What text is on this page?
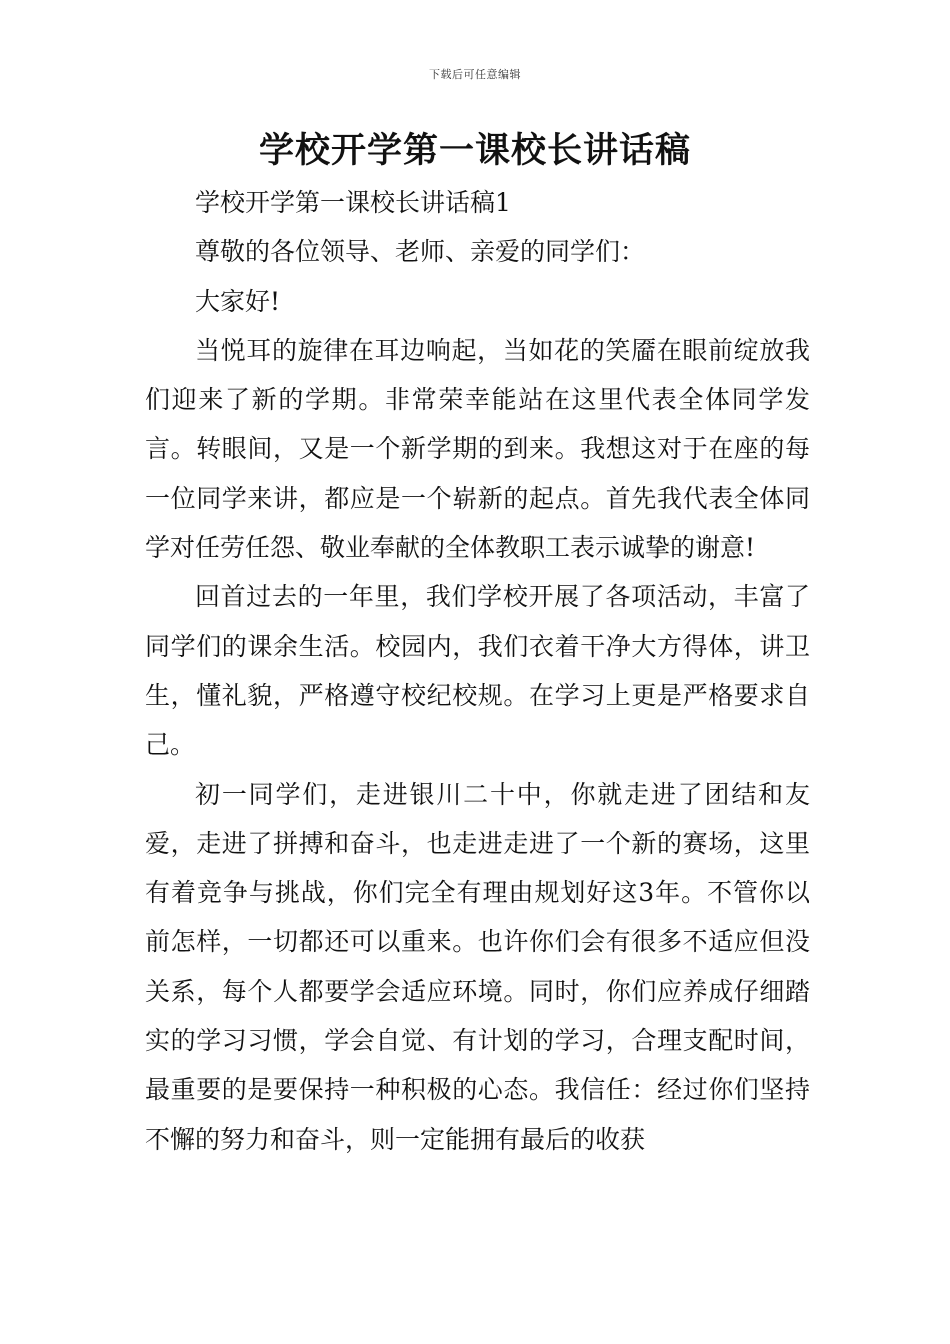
下载后可任意编辑
学校开学第一课校长讲话稿

学校开学第一课校长讲话稿1

尊敬的各位领导、老师、亲爱的同学们：

大家好!

当悦耳的旋律在耳边响起，当如花的笑靥在眼前绽放我们迎来了新的学期。非常荣幸能站在这里代表全体同学发言。转眼间，又是一个新学期的到来。我想这对于在座的每一位同学来讲，都应是一个崭新的起点。首先我代表全体同学对任劳任怨、敬业奉献的全体教职工表示诚挚的谢意!

回首过去的一年里，我们学校开展了各项活动，丰富了同学们的课余生活。校园内，我们衣着干净大方得体，讲卫生，懂礼貌，严格遵守校纪校规。在学习上更是严格要求自己。

初一同学们，走进银川二十中，你就走进了团结和友爱，走进了拼搏和奋斗，也走进走进了一个新的赛场，这里有着竞争与挑战，你们完全有理由规划好这3年。不管你以前怎样，一切都还可以重来。也许你们会有很多不适应但没关系，每个人都要学会适应环境。同时，你们应养成仔细踏实的学习习惯，学会自觉、有计划的学习，合理支配时间，最重要的是要保持一种积极的心态。我信任：经过你们坚持不懈的努力和奋斗，则一定能拥有最后的收获
